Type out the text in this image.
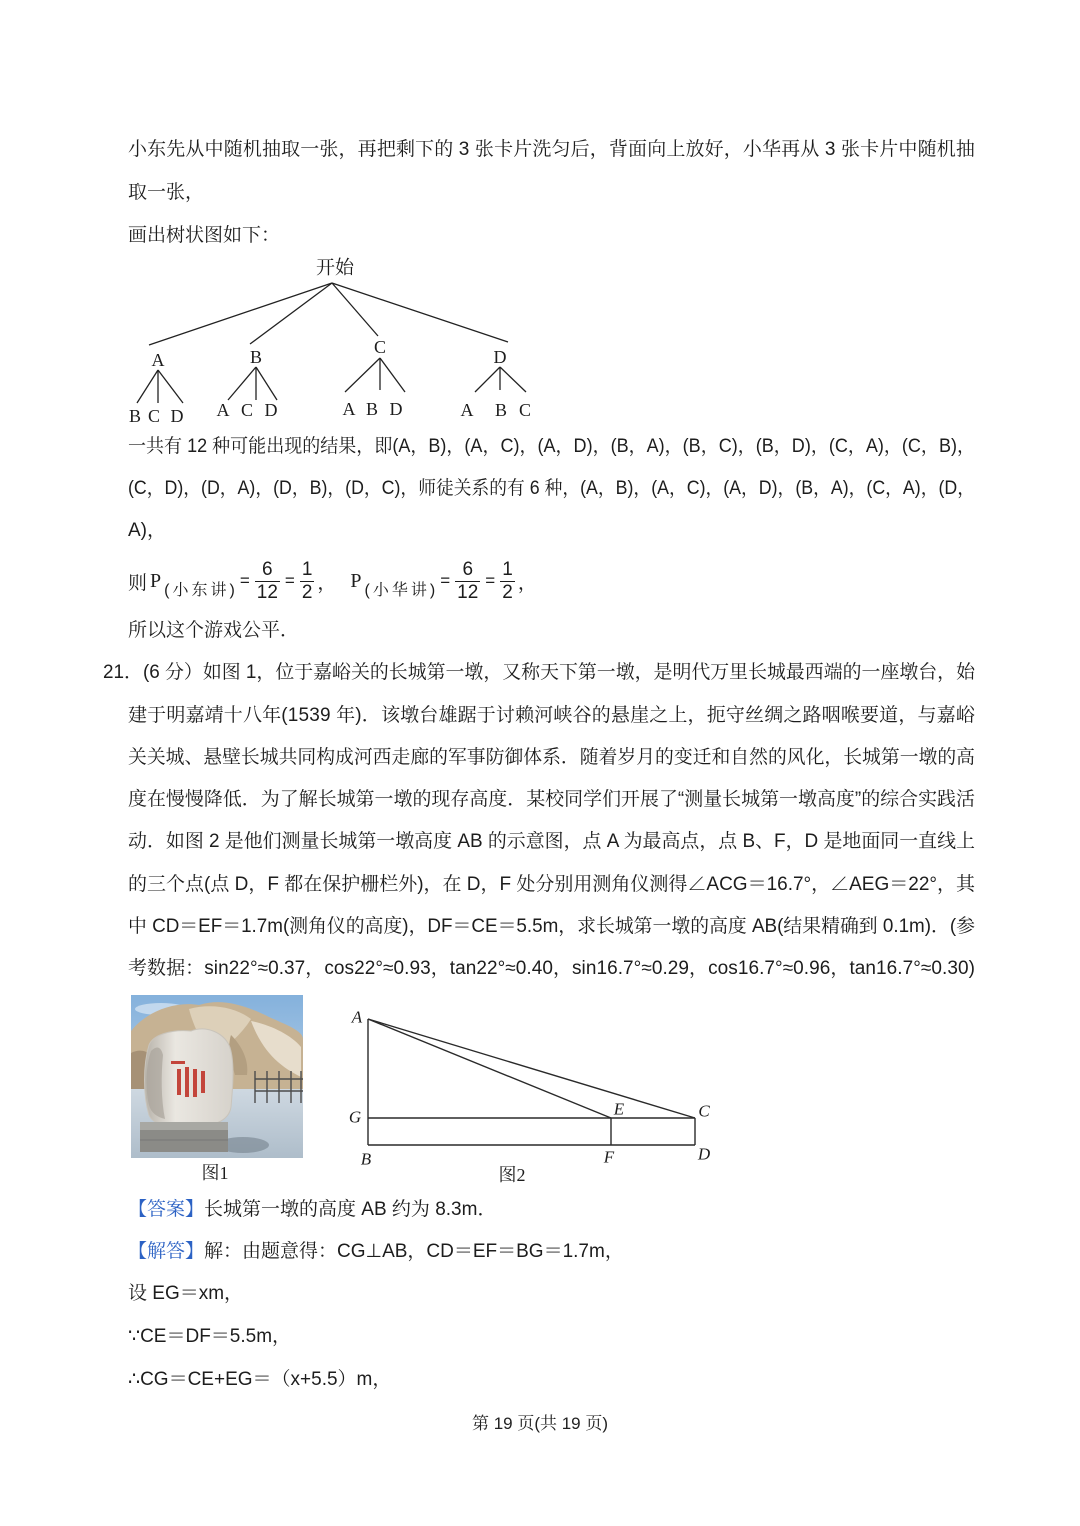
小东先从中随机抽取一张，再把剩下的 3 张卡片洗匀后，背面向上放好，小华再从 3 张卡片中随机抽
取一张，
画出树状图如下：
开始
A	B	C	D
B C D A C D	A B D	A B C
一共有 12 种可能出现的结果，即(A，B)，(A，C)，(A，D)，(B，A)，(B，C)，(B，D)，(C，A)，(C，B)，
(C，D)，(D，A)，(D，B)，(D，C)，师徒关系的有 6 种，(A，B)，(A，C)，(A，D)，(B，A)，(C，A)，(D，
A)，
则 P (小东讲) = $\frac{6}{12} = \frac{1}{2}$ ， P (小华讲) = $\frac{6}{12} = \frac{1}{2}$ ，
所以这个游戏公平．
21．(6 分）如图 1，位于嘉峪关的长城第一墩，又称天下第一墩，是明代万里长城最西端的一座墩台，始
建于明嘉靖十八年(1539 年)．该墩台雄踞于讨赖河峡谷的悬崖之上，扼守丝绸之路咽喉要道，与嘉峪
关关城、悬壁长城共同构成河西走廊的军事防御体系．随着岁月的变迁和自然的风化，长城第一墩的高
度在慢慢降低．为了解长城第一墩的现存高度．某校同学们开展了“测量长城第一墩高度”的综合实践活
动．如图 2 是他们测量长城第一墩高度 AB 的示意图，点 A 为最高点，点 B、F，D 是地面同一直线上
的三个点(点 D，F 都在保护栅栏外)，在 D，F 处分别用测角仪测得∠ACG＝16.7°，∠AEG＝22°，其
中 CD＝EF＝1.7m(测角仪的高度)，DF＝CE＝5.5m，求长城第一墩的高度 AB(结果精确到 0.1m)．(参
考数据：sin22°≈0.37，cos22°≈0.93，tan22°≈0.40，sin16.7°≈0.29，cos16.7°≈0.96，tan16.7°≈0.30)
图1
A
G
B
E
F
C
D
图2
【答案】长城第一墩的高度 AB 约为 8.3m．
【解答】解：由题意得：CG⊥AB，CD＝EF＝BG＝1.7m，
设 EG＝xm，
∵CE＝DF＝5.5m，
∴CG＝CE+EG＝（x+5.5）m，
第 19 页(共 19 页)
